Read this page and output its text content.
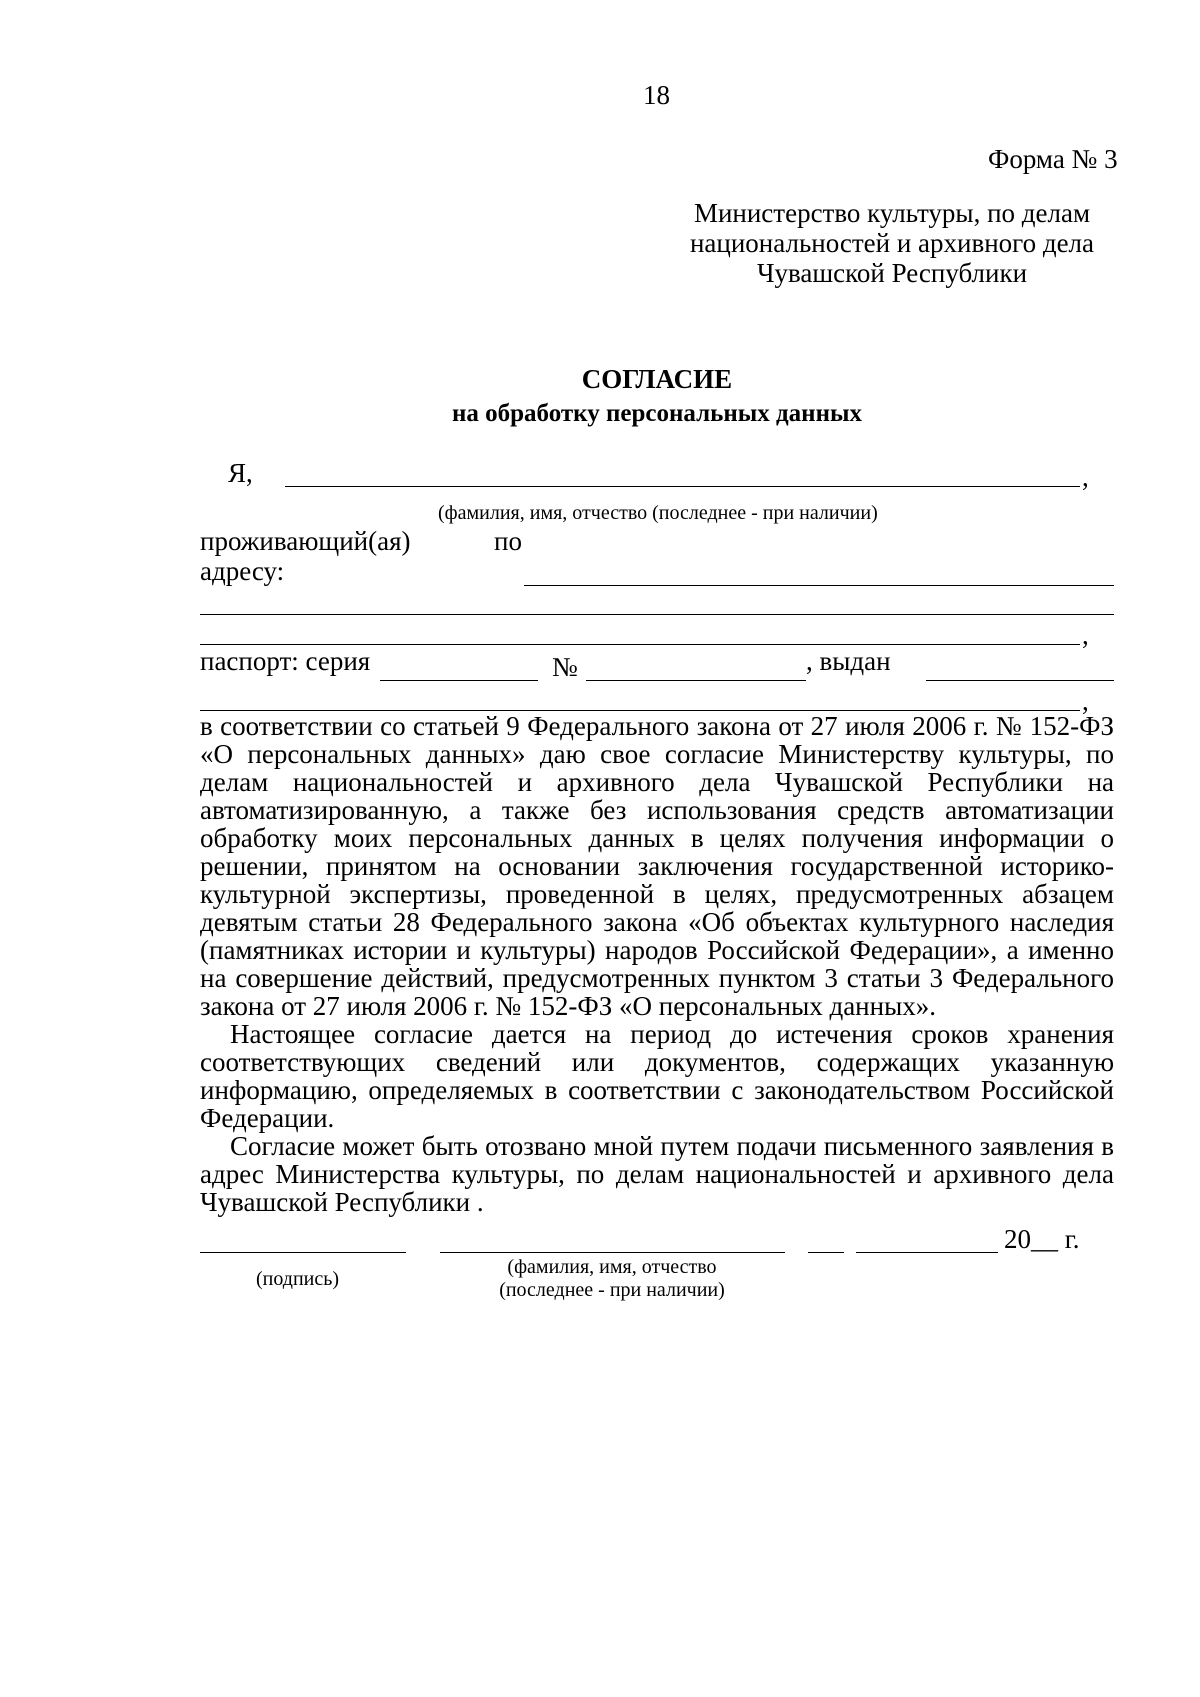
18
Форма № 3
Министерство культуры, по делам
национальностей и архивного дела
Чувашской Республики
СОГЛАСИЕ
на обработку персональных данных
Я,	,
(фамилия, имя, отчество (последнее - при наличии)
проживающий(ая)	по
адресу:
,
паспорт: серия	№	, выдан
,

в соответствии со статьей 9 Федерального закона от 27 июля 2006 г. № 152-ФЗ «О персональных данных» даю свое согласие Министерству культуры, по делам национальностей и архивного дела Чувашской Республики на автоматизированную, а также без использования средств автоматизации обработку моих персональных данных в целях получения информации о решении, принятом на основании заключения государственной историко-культурной экспертизы, проведенной в целях, предусмотренных абзацем девятым статьи 28 Федерального закона «Об объектах культурного наследия (памятниках истории и культуры) народов Российской Федерации», а именно на совершение действий, предусмотренных пунктом 3 статьи 3 Федерального закона от 27 июля 2006 г. № 152-ФЗ «О персональных данных».

Настоящее согласие дается на период до истечения сроков хранения соответствующих сведений или документов, содержащих указанную информацию, определяемых в соответствии с законодательством Российской Федерации.

Согласие может быть отозвано мной путем подачи письменного заявления в адрес Министерства культуры, по делам национальностей и архивного дела Чувашской Республики .

20__ г.
(подпись)
(фамилия, имя, отчество
(последнее - при наличии)
